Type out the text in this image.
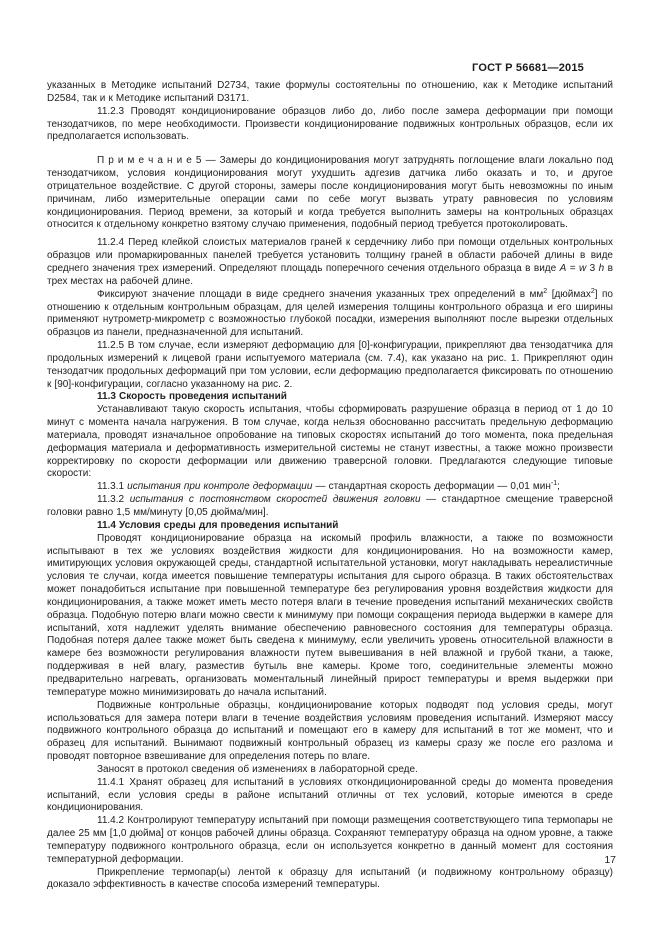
ГОСТ Р 56681—2015

указанных в Методике испытаний D2734, такие формулы состоятельны по отношению, как к Методике испытаний D2584, так и к Методике испытаний D3171.

11.2.3 Проводят кондиционирование образцов либо до, либо после замера деформации при помощи тензодатчиков, по мере необходимости. Произвести кондиционирование подвижных контрольных образцов, если их предполагается использовать.

П р и м е ч а н и е 5 — Замеры до кондиционирования могут затруднять поглощение влаги локально под тензодатчиком, условия кондиционирования могут ухудшить адгезив датчика либо оказать и то, и другое отрицательное воздействие. С другой стороны, замеры после кондиционирования могут быть невозможны по иным причинам, либо измерительные операции сами по себе могут вызвать утрату равновесия по условиям кондиционирования. Период времени, за который и когда требуется выполнить замеры на контрольных образцах относится к отдельному конкретно взятому случаю применения, подобный период требуется протоколировать.

11.2.4 Перед клейкой слоистых материалов граней к сердечнику либо при помощи отдельных контрольных образцов или промаркированных панелей требуется установить толщину граней в области рабочей длины в виде среднего значения трех измерений. Определяют площадь поперечного сечения отдельного образца в виде A = w 3 h в трех местах на рабочей длине.

Фиксируют значение площади в виде среднего значения указанных трех определений в $мм^2$ [дюймах$^2$] по отношению к отдельным контрольным образцам, для целей измерения толщины контрольного образца и его ширины применяют нутрометр-микрометр с возможностью глубокой посадки, измерения выполняют после вырезки отдельных образцов из панели, предназначенной для испытаний.

11.2.5 В том случае, если измеряют деформацию для [0]-конфигурации, прикрепляют два тензодатчика для продольных измерений к лицевой грани испытуемого материала (см. 7.4), как указано на рис. 1. Прикрепляют один тензодатчик продольных деформаций при том условии, если деформацию предполагается фиксировать по отношению к [90]-конфигурации, согласно указанному на рис. 2.

11.3 Скорость проведения испытаний

Устанавливают такую скорость испытания, чтобы сформировать разрушение образца в период от 1 до 10 минут с момента начала нагружения. В том случае, когда нельзя обоснованно рассчитать предельную деформацию материала, проводят изначальное опробование на типовых скоростях испытаний до того момента, пока предельная деформация материала и деформативность измерительной системы не станут известны, а также можно произвести корректировку по скорости деформации или движению траверсной головки. Предлагаются следующие типовые скорости:

11.3.1 испытания при контроле деформации — стандартная скорость деформации — 0,01 мин$^{-1}$;

11.3.2 испытания с постоянством скоростей движения головки — стандартное смещение траверсной головки равно 1,5 мм/минуту [0,05 дюйма/мин].

11.4 Условия среды для проведения испытаний

Проводят кондиционирование образца на искомый профиль влажности, а также по возможности испытывают в тех же условиях воздействия жидкости для кондиционирования. Но на возможности камер, имитирующих условия окружающей среды, стандартной испытательной установки, могут накладывать нереалистичные условия те случаи, когда имеется повышение температуры испытания для сырого образца. В таких обстоятельствах может понадобиться испытание при повышенной температуре без регулирования уровня воздействия жидкости для кондиционирования, а также может иметь место потеря влаги в течение проведения испытаний механических свойств образца. Подобную потерю влаги можно свести к минимуму при помощи сокращения периода выдержки в камере для испытаний, хотя надлежит уделять внимание обеспечению равновесного состояния для температуры образца. Подобная потеря далее также может быть сведена к минимуму, если увеличить уровень относительной влажности в камере без возможности регулирования влажности путем вывешивания в ней влажной и грубой ткани, а также, поддерживая в ней влагу, разместив бутыль вне камеры. Кроме того, соединительные элементы можно предварительно нагревать, организовать моментальный линейный прирост температуры и время выдержки при температуре можно минимизировать до начала испытаний.

Подвижные контрольные образцы, кондиционирование которых подводят под условия среды, могут использоваться для замера потери влаги в течение воздействия условиям проведения испытаний. Измеряют массу подвижного контрольного образца до испытаний и помещают его в камеру для испытаний в тот же момент, что и образец для испытаний. Вынимают подвижный контрольный образец из камеры сразу же после его разлома и проводят повторное взвешивание для определения потерь по влаге.

Заносят в протокол сведения об изменениях в лабораторной среде.

11.4.1 Хранят образец для испытаний в условиях откондиционированной среды до момента проведения испытаний, если условия среды в районе испытаний отличны от тех условий, которые имеются в среде кондиционирования.

11.4.2 Контролируют температуру испытаний при помощи размещения соответствующего типа термопары не далее 25 мм [1,0 дюйма] от концов рабочей длины образца. Сохраняют температуру образца на одном уровне, а также температуру подвижного контрольного образца, если он используется конкретно в данный момент для состояния температурной деформации.

Прикрепление термопар(ы) лентой к образцу для испытаний (и подвижному контрольному образцу) доказало эффективность в качестве способа измерений температуры.

17
